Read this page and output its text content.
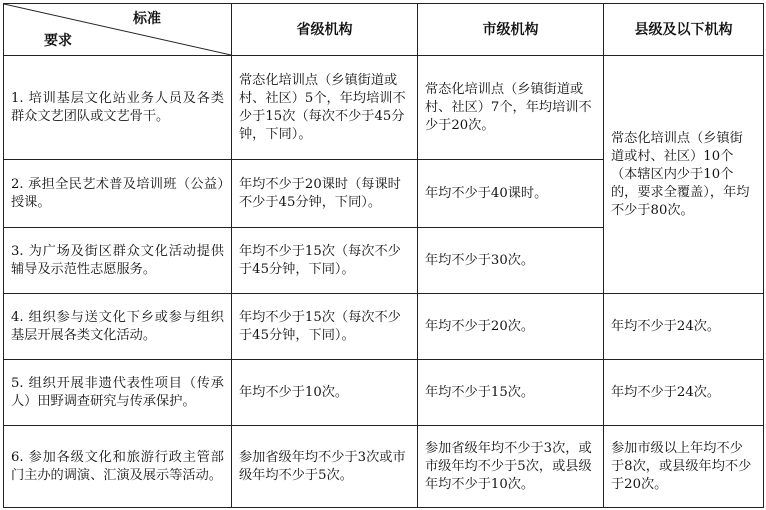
标准
要求	省级机构	市级机构	县级及以下机构
1. 培训基层文化站业务人员及各类群众文艺团队或文艺骨干。	常态化培训点（乡镇街道或村、社区）5个，年均培训不少于15次（每次不少于45分钟，下同）。	常态化培训点（乡镇街道或村、社区）7个，年均培训不少于20次。	常态化培训点（乡镇街道或村、社区）10个（本辖区内少于10个的，要求全覆盖），年均不少于80次。
2. 承担全民艺术普及培训班（公益）授课。	年均不少于20课时（每课时不少于45分钟，下同）。	年均不少于40课时。	
3. 为广场及街区群众文化活动提供辅导及示范性志愿服务。	年均不少于15次（每次不少于45分钟，下同）。	年均不少于30次。	
4. 组织参与送文化下乡或参与组织基层开展各类文化活动。	年均不少于15次（每次不少于45分钟，下同）。	年均不少于20次。	年均不少于24次。
5. 组织开展非遗代表性项目（传承人）田野调查研究与传承保护。	年均不少于10次。	年均不少于15次。	年均不少于24次。
6. 参加各级文化和旅游行政主管部门主办的调演、汇演及展示等活动。	参加省级年均不少于3次或市级年均不少于5次。	参加省级年均不少于3次，或市级年均不少于5次，或县级年均不少于10次。	参加市级以上年均不少于8次，或县级年均不少于20次。
